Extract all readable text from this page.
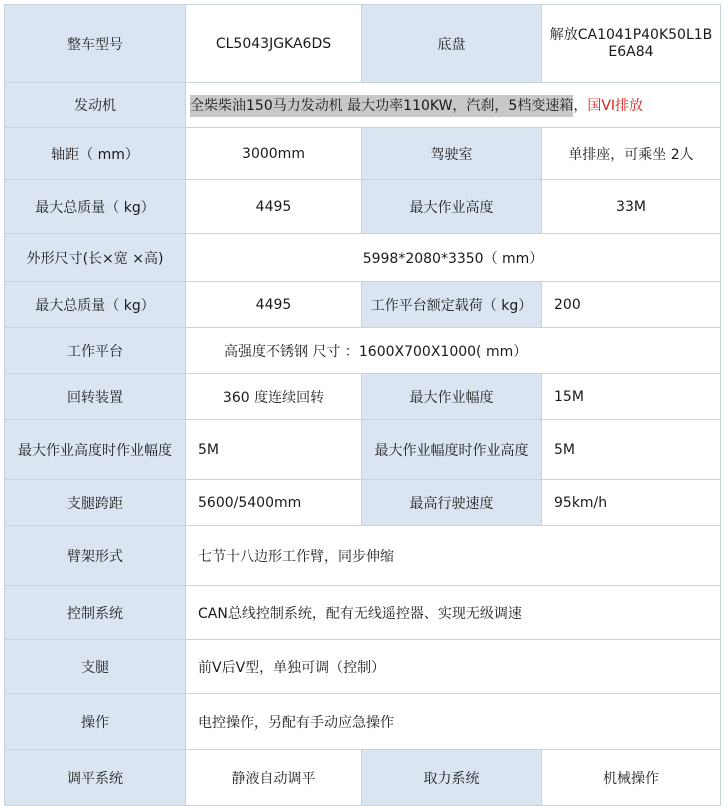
整车型号	CL5043JGKA6DS	底盘	解放CA1041P40K50L1BE6A84
发动机	全柴柴油150马力发动机 最大功率110KW，汽刹，5档变速箱，国VI排放		
轴距（ mm）	3000mm	驾驶室	单排座，可乘坐 2人
最大总质量（ kg）	4495	最大作业高度	33M
外形尺寸(长×宽 ×高)	5998*2080*3350（ mm）		
最大总质量（ kg）	4495	工作平台额定载荷（ kg）	200
工作平台	高强度不锈钢 尺寸 ：1600X700X1000( mm）		
回转装置	360 度连续回转	最大作业幅度	15M
最大作业高度时作业幅度	5M	最大作业幅度时作业高度	5M
支腿跨距	5600/5400mm	最高行驶速度	95km/h
臂架形式	七节十八边形工作臂，同步伸缩		
控制系统	CAN总线控制系统，配有无线遥控器、实现无级调速		
支腿	前V后V型，单独可调（控制）		
操作	电控操作，另配有手动应急操作		
调平系统	静液自动调平	取力系统	机械操作
